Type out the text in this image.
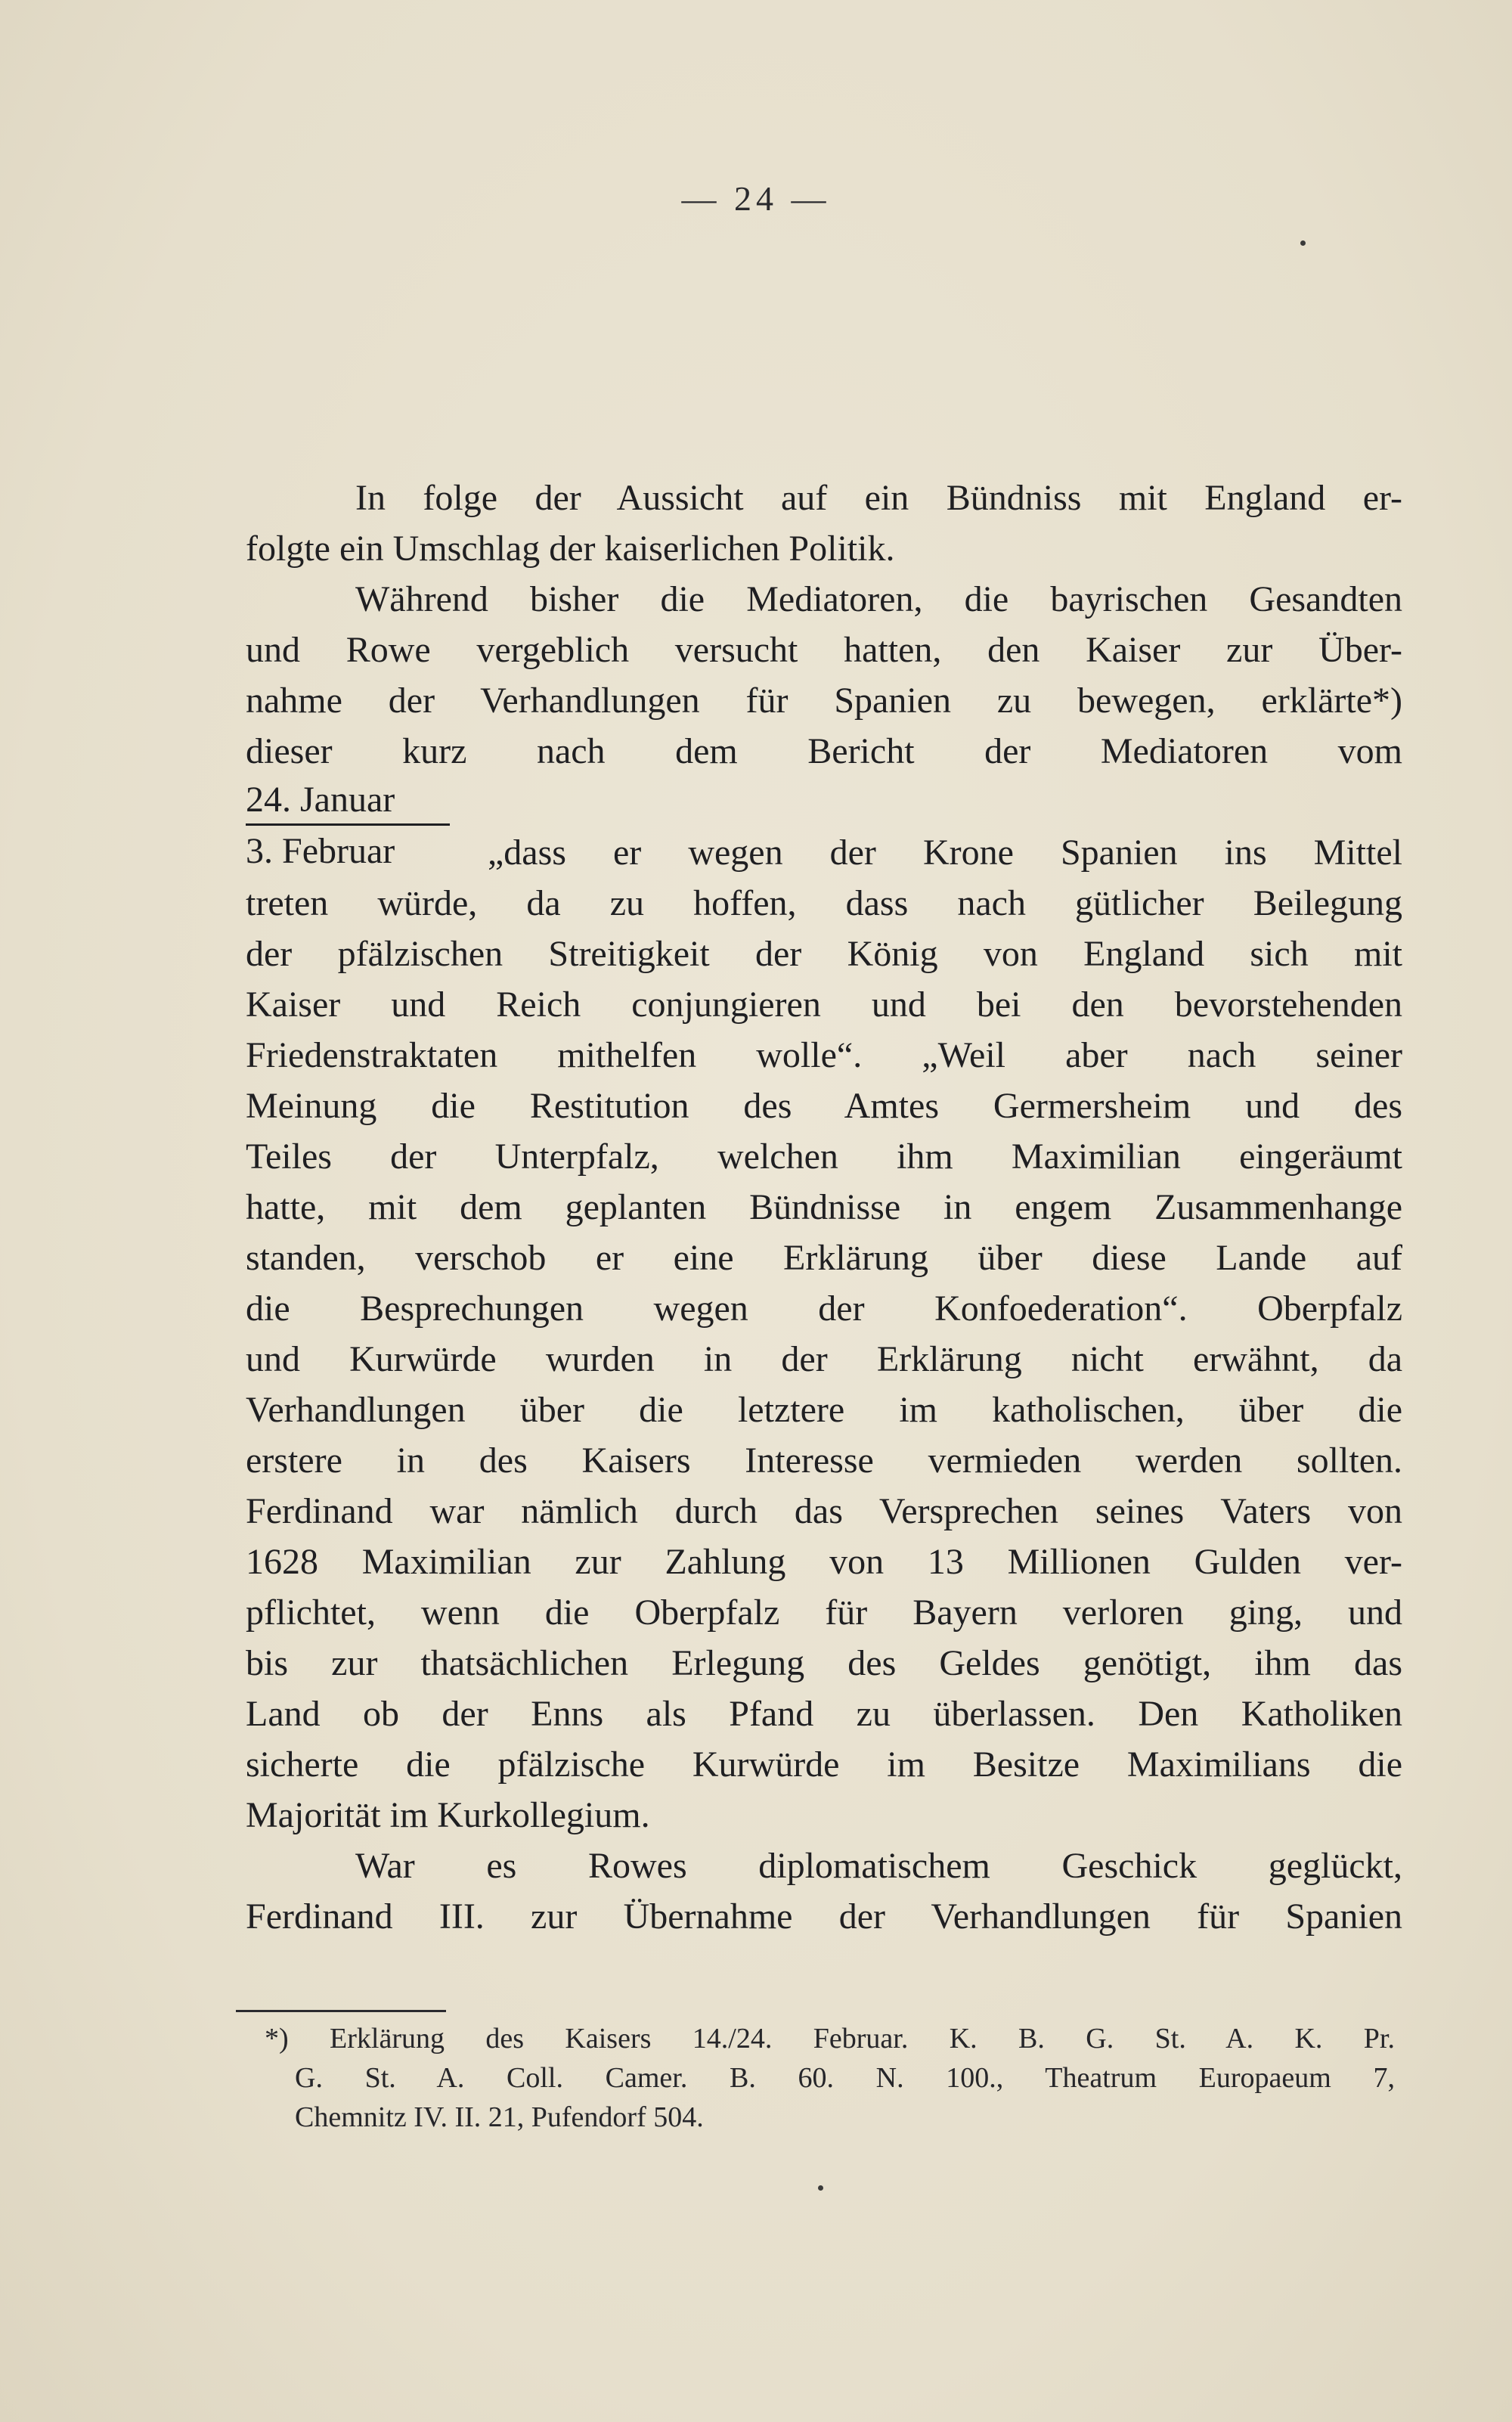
— 24 —
In folge der Aussicht auf ein Bündniss mit England er-
folgte ein Umschlag der kaiserlichen Politik.
Während bisher die Mediatoren, die bayrischen Gesandten
und Rowe vergeblich versucht hatten, den Kaiser zur Über-
nahme der Verhandlungen für Spanien zu bewegen, erklärte*)
dieser kurz nach dem Bericht der Mediatoren vom
24. Januar
3. Februar	„dass er wegen der Krone Spanien ins Mittel
treten würde, da zu hoffen, dass nach gütlicher Beilegung
der pfälzischen Streitigkeit der König von England sich mit
Kaiser und Reich conjungieren und bei den bevorstehenden
Friedenstraktaten mithelfen wolle“. „Weil aber nach seiner
Meinung die Restitution des Amtes Germersheim und des
Teiles der Unterpfalz, welchen ihm Maximilian eingeräumt
hatte, mit dem geplanten Bündnisse in engem Zusammenhange
standen, verschob er eine Erklärung über diese Lande auf
die Besprechungen wegen der Konfoederation“. Oberpfalz
und Kurwürde wurden in der Erklärung nicht erwähnt, da
Verhandlungen über die letztere im katholischen, über die
erstere in des Kaisers Interesse vermieden werden sollten.
Ferdinand war nämlich durch das Versprechen seines Vaters von
1628 Maximilian zur Zahlung von 13 Millionen Gulden ver-
pflichtet, wenn die Oberpfalz für Bayern verloren ging, und
bis zur thatsächlichen Erlegung des Geldes genötigt, ihm das
Land ob der Enns als Pfand zu überlassen. Den Katholiken
sicherte die pfälzische Kurwürde im Besitze Maximilians die
Majorität im Kurkollegium.
War es Rowes diplomatischem Geschick geglückt,
Ferdinand III. zur Übernahme der Verhandlungen für Spanien
*) Erklärung des Kaisers 14./24. Februar. K. B. G. St. A. K. Pr.
G. St. A. Coll. Camer. B. 60. N. 100., Theatrum Europaeum 7,
Chemnitz IV. II. 21, Pufendorf 504.
